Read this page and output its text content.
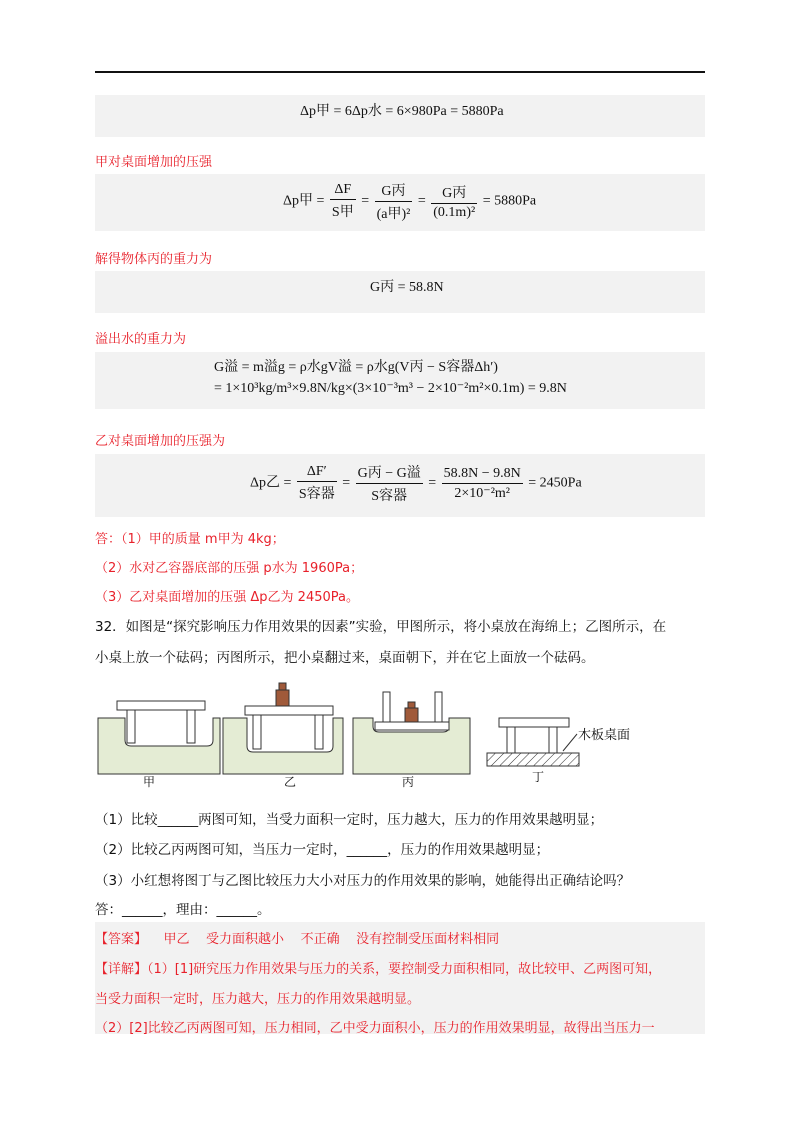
Δp甲 = 6Δp水 = 6×980Pa = 5880Pa
甲对桌面增加的压强
Δp甲 = $\frac{\Delta F}{\text{S甲}} = \frac{\text{G丙}}{\text{(a甲)²}} = \frac{\text{G丙}}{\text{(0.1m)²}} = 5880Pa$
解得物体丙的重力为
G丙 = 58.8N
溢出水的重力为
G溢 = m溢g = ρ水gV溢 = ρ水g(V丙 − S容器Δh′)
= 1×10³kg/m³×9.8N/kg×(3×10⁻³m³ − 2×10⁻²m²×0.1m) = 9.8N
乙对桌面增加的压强为
Δp乙 = $\frac{\Delta F'}{\text{S容器}} = \frac{\text{G丙 − G溢}}{\text{S容器}} = \frac{58.8N - 9.8N}{\text{2×10⁻²m²}} = 2450Pa$
答：（1）甲的质量 m甲为 4kg；
（2）水对乙容器底部的压强 p水为 1960Pa；
（3）乙对桌面增加的压强 Δp乙为 2450Pa。
32．如图是“探究影响压力作用效果的因素”实验，甲图所示，将小桌放在海绵上；乙图所示，在
小桌上放一个砝码；丙图所示，把小桌翻过来，桌面朝下，并在它上面放一个砝码。
木板桌面
甲	乙	丙	丁
（1）比较______两图可知，当受力面积一定时，压力越大，压力的作用效果越明显；
（2）比较乙丙两图可知，当压力一定时，______，压力的作用效果越明显；
（3）小红想将图丁与乙图比较压力大小对压力的作用效果的影响，她能得出正确结论吗？
答：______，理由：______。
【答案】    甲乙    受力面积越小    不正确    没有控制受压面材料相同
【详解】（1）[1]研究压力作用效果与压力的关系，要控制受力面积相同，故比较甲、乙两图可知，
当受力面积一定时，压力越大，压力的作用效果越明显。
（2）[2]比较乙丙两图可知，压力相同，乙中受力面积小，压力的作用效果明显，故得出当压力一
